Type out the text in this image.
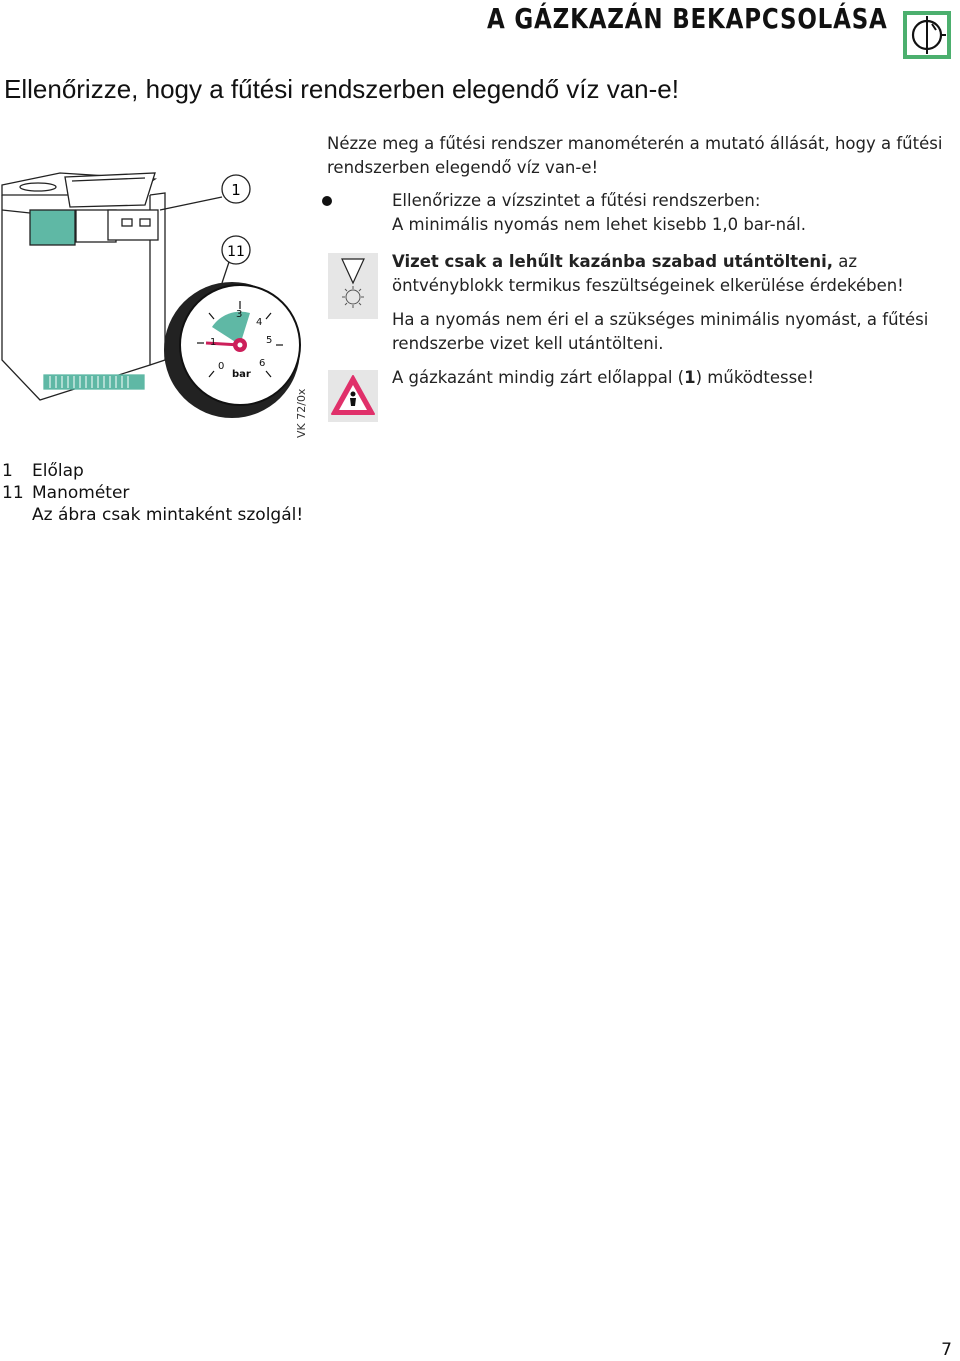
A GÁZKAZÁN BEKAPCSOLÁSA
Ellenőrizze, hogy a fűtési rendszerben elegendő víz van-e!
1
11
0
1
3
4
5
6
bar
VK 72/0x
Nézze meg a fűtési rendszer manométerén a mutató állását, hogy a fűtési rendszerben elegendő víz van-e!
Ellenőrizze a vízszintet a fűtési rendszerben:
A minimális nyomás nem lehet kisebb 1,0 bar-nál.
Vizet csak a lehűlt kazánba szabad utántölteni, az öntvényblokk termikus feszültségeinek elkerülése érdekében!
Ha a nyomás nem éri el a szükséges minimális nyomást, a fűtési rendszerbe vizet kell utántölteni.
A gázkazánt mindig zárt előlappal (1) működtesse!
1	Előlap
11 Manométer
Az ábra csak mintaként szolgál!
7
